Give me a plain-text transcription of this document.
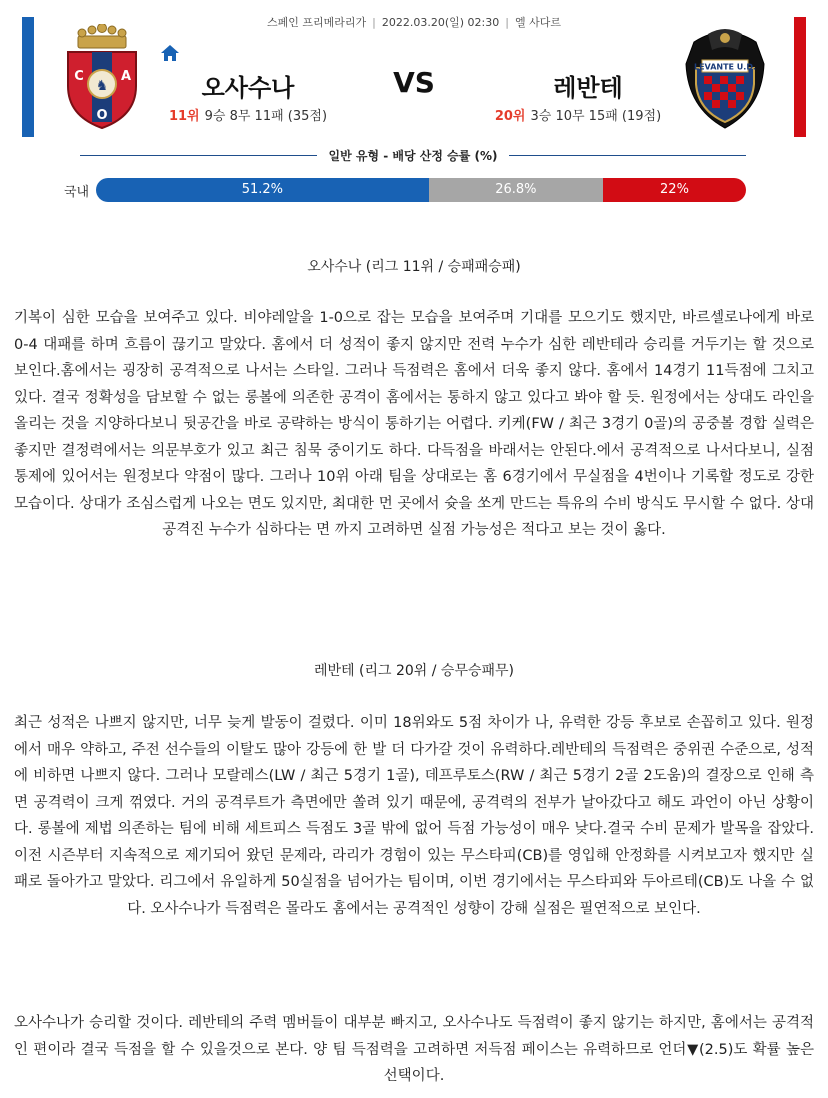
스페인 프리메라리가 | 2022.03.20(일) 02:30 | 엘 사다르
♞
C	A
O
오사수나	VS	레반테
11위 9승 8무 11패 (35점)	20위 3승 10무 15패 (19점)
LEVANTE U.D.
일반 유형 - 배당 산정 승률 (%)
국내	51.2%	26.8%	22%
오사수나 (리그 11위 / 승패패승패)
기복이 심한 모습을 보여주고 있다. 비야레알을 1-0으로 잡는 모습을 보여주며 기대를 모으기도 했지만, 바르셀로나에게 바로 0-4 대패를 하며 흐름이 끊기고 말았다. 홈에서 더 성적이 좋지 않지만 전력 누수가 심한 레반테라 승리를 거두기는 할 것으로 보인다.홈에서는 굉장히 공격적으로 나서는 스타일. 그러나 득점력은 홈에서 더욱 좋지 않다. 홈에서 14경기 11득점에 그치고 있다. 결국 정확성을 담보할 수 없는 롱볼에 의존한 공격이 홈에서는 통하지 않고 있다고 봐야 할 듯. 원정에서는 상대도 라인을 올리는 것을 지양하다보니 뒷공간을 바로 공략하는 방식이 통하기는 어렵다. 키케(FW / 최근 3경기 0골)의 공중볼 경합 실력은 좋지만 결정력에서는 의문부호가 있고 최근 침묵 중이기도 하다. 다득점을 바래서는 안된다.에서 공격적으로 나서다보니, 실점 통제에 있어서는 원정보다 약점이 많다. 그러나 10위 아래 팀을 상대로는 홈 6경기에서 무실점을 4번이나 기록할 정도로 강한 모습이다. 상대가 조심스럽게 나오는 면도 있지만, 최대한 먼 곳에서 슛을 쏘게 만드는 특유의 수비 방식도 무시할 수 없다. 상대 공격진 누수가 심하다는 면 까지 고려하면 실점 가능성은 적다고 보는 것이 옳다.
레반테 (리그 20위 / 승무승패무)
최근 성적은 나쁘지 않지만, 너무 늦게 발동이 걸렸다. 이미 18위와도 5점 차이가 나, 유력한 강등 후보로 손꼽히고 있다. 원정에서 매우 약하고, 주전 선수들의 이탈도 많아 강등에 한 발 더 다가갈 것이 유력하다.레반테의 득점력은 중위권 수준으로, 성적에 비하면 나쁘지 않다. 그러나 모랄레스(LW / 최근 5경기 1골), 데프루토스(RW / 최근 5경기 2골 2도움)의 결장으로 인해 측면 공격력이 크게 꺾였다. 거의 공격루트가 측면에만 쏠려 있기 때문에, 공격력의 전부가 날아갔다고 해도 과언이 아닌 상황이다. 롱볼에 제법 의존하는 팀에 비해 세트피스 득점도 3골 밖에 없어 득점 가능성이 매우 낮다.결국 수비 문제가 발목을 잡았다. 이전 시즌부터 지속적으로 제기되어 왔던 문제라, 라리가 경험이 있는 무스타피(CB)를 영입해 안정화를 시켜보고자 했지만 실패로 돌아가고 말았다. 리그에서 유일하게 50실점을 넘어가는 팀이며, 이번 경기에서는 무스타피와 두아르테(CB)도 나올 수 없다. 오사수나가 득점력은 몰라도 홈에서는 공격적인 성향이 강해 실점은 필연적으로 보인다.
오사수나가 승리할 것이다. 레반테의 주력 멤버들이 대부분 빠지고, 오사수나도 득점력이 좋지 않기는 하지만, 홈에서는 공격적인 편이라 결국 득점을 할 수 있을것으로 본다. 양 팀 득점력을 고려하면 저득점 페이스는 유력하므로 언더▼(2.5)도 확률 높은 선택이다.
